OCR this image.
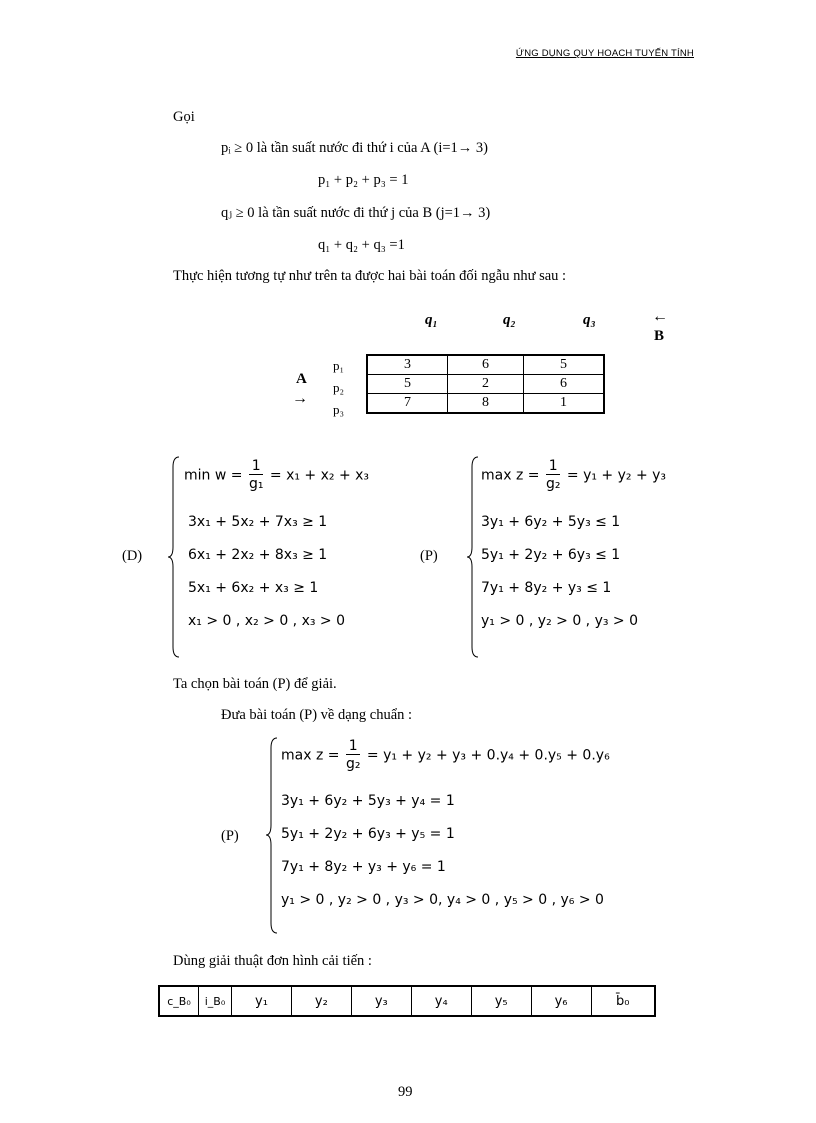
ỨNG DỤNG QUY HOẠCH TUYẾN TÍNH
Gọi
pᵢ ≥ 0 là tần suất nước đi thứ i của A (i=1→ 3)
p₁ + p₂ + p₃ = 1
qⱼ ≥ 0 là tần suất nước đi thứ j của B (j=1→ 3)
q₁ + q₂ + q₃ =1
Thực hiện tương tự như trên ta được hai bài toán đối ngẫu như sau :
q₁	q₂	q₃	←
B
A
→
p₁
p₂
p₃
3	6	5
5	2	6
7	8	1
(D)
$\min w = \frac{1}{\text{g₁}} = x_1 + x_2 + x_3$
3x₁ + 5x₂ + 7x₃ ≥ 1
6x₁ + 2x₂ + 8x₃ ≥ 1
5x₁ + 6x₂ + x₃ ≥ 1
x₁ > 0 , x₂ > 0 , x₃ > 0
(P)
$\max z = \frac{1}{\text{g₂}} = y_1 + y_2 + y_3$
3y₁ + 6y₂ + 5y₃ ≤ 1
5y₁ + 2y₂ + 6y₃ ≤ 1
7y₁ + 8y₂ + y₃ ≤ 1
y₁ > 0 , y₂ > 0 , y₃ > 0
Ta chọn bài toán (P) để giải.
Đưa bài toán (P) về dạng chuẩn :
(P)
$\max z = \frac{1}{\text{g₂}} = y_1 + y_2 + y_3 + 0.y_4 + 0.y_5 + 0.y_6$
3y₁ + 6y₂ + 5y₃ + y₄ = 1
5y₁ + 2y₂ + 6y₃ + y₅ = 1
7y₁ + 8y₂ + y₃ + y₆ = 1
y₁ > 0 , y₂ > 0 , y₃ > 0, y₄ > 0 , y₅ > 0 , y₆ > 0
Dùng giải thuật đơn hình cải tiến :
c_B₀	i_B₀	y₁	y₂	y₃	y₄	y₅	y₆	b̄₀
99
